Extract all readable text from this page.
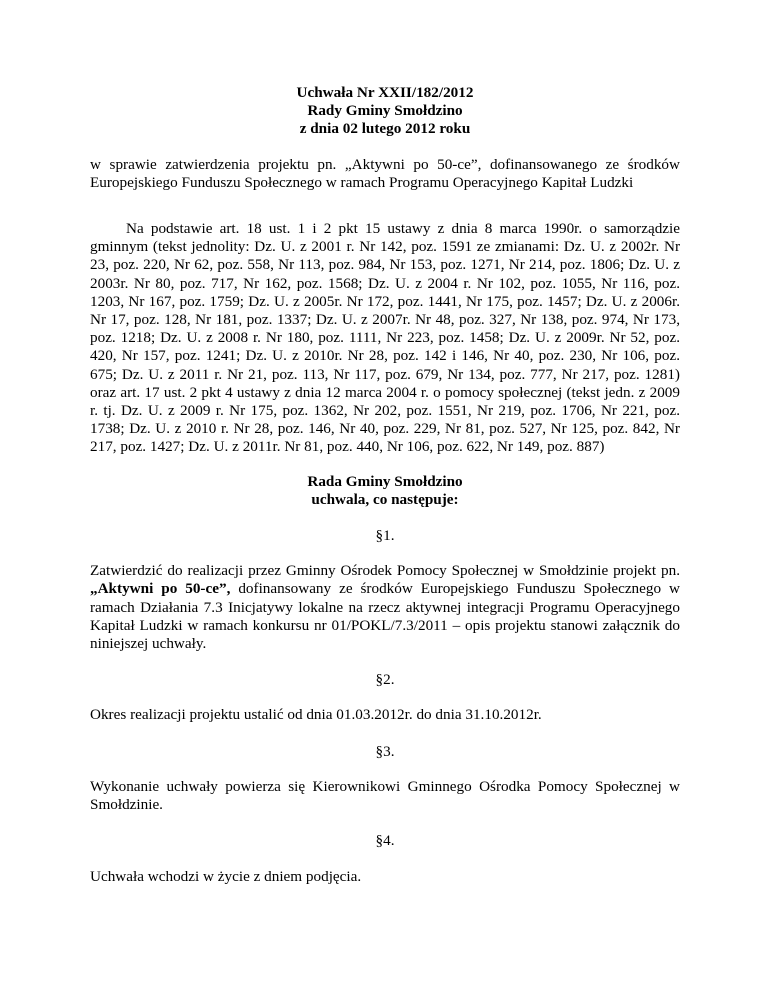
Uchwała Nr XXII/182/2012
Rady Gminy Smołdzino
z dnia 02 lutego 2012 roku
w sprawie zatwierdzenia projektu pn. „Aktywni po 50-ce”, dofinansowanego ze środków Europejskiego Funduszu Społecznego w ramach Programu Operacyjnego Kapitał Ludzki
Na podstawie art. 18 ust. 1 i 2 pkt 15 ustawy z dnia 8 marca 1990r. o samorządzie gminnym (tekst jednolity: Dz. U. z 2001 r. Nr 142, poz. 1591 ze zmianami: Dz. U. z 2002r. Nr 23, poz. 220, Nr 62, poz. 558, Nr 113, poz. 984, Nr 153, poz. 1271, Nr 214, poz. 1806; Dz. U. z 2003r. Nr 80, poz. 717, Nr 162, poz. 1568; Dz. U. z 2004 r. Nr 102, poz. 1055, Nr 116, poz. 1203, Nr 167, poz. 1759; Dz. U. z 2005r. Nr 172, poz. 1441, Nr 175, poz. 1457; Dz. U. z 2006r. Nr 17, poz. 128, Nr 181, poz. 1337; Dz. U. z 2007r. Nr 48, poz. 327, Nr 138, poz. 974, Nr 173, poz. 1218; Dz. U. z 2008 r. Nr 180, poz. 1111, Nr 223, poz. 1458; Dz. U. z 2009r. Nr 52, poz. 420, Nr 157, poz. 1241; Dz. U. z 2010r. Nr 28, poz. 142 i 146, Nr 40, poz. 230, Nr 106, poz. 675; Dz. U. z 2011 r. Nr 21, poz. 113, Nr 117, poz. 679, Nr 134, poz. 777, Nr 217, poz. 1281) oraz art. 17 ust. 2 pkt 4 ustawy z dnia 12 marca 2004 r. o pomocy społecznej (tekst jedn. z 2009 r. tj. Dz. U. z 2009 r. Nr 175, poz. 1362, Nr 202, poz. 1551, Nr 219, poz. 1706, Nr 221, poz. 1738; Dz. U. z 2010 r. Nr 28, poz. 146, Nr 40, poz. 229, Nr 81, poz. 527, Nr 125, poz. 842, Nr 217, poz. 1427; Dz. U. z 2011r. Nr 81, poz. 440, Nr 106, poz. 622, Nr 149, poz. 887)
Rada Gminy Smołdzino
uchwala, co następuje:
§1.
Zatwierdzić do realizacji przez Gminny Ośrodek Pomocy Społecznej w Smołdzinie projekt pn. „Aktywni po 50-ce”, dofinansowany ze środków Europejskiego Funduszu Społecznego w ramach Działania 7.3 Inicjatywy lokalne na rzecz aktywnej integracji Programu Operacyjnego Kapitał Ludzki w ramach konkursu nr 01/POKL/7.3/2011 – opis projektu stanowi załącznik do niniejszej uchwały.
§2.
Okres realizacji projektu ustalić od dnia 01.03.2012r. do dnia 31.10.2012r.
§3.
Wykonanie uchwały powierza się Kierownikowi Gminnego Ośrodka Pomocy Społecznej w Smołdzinie.
§4.
Uchwała wchodzi w życie z dniem podjęcia.
